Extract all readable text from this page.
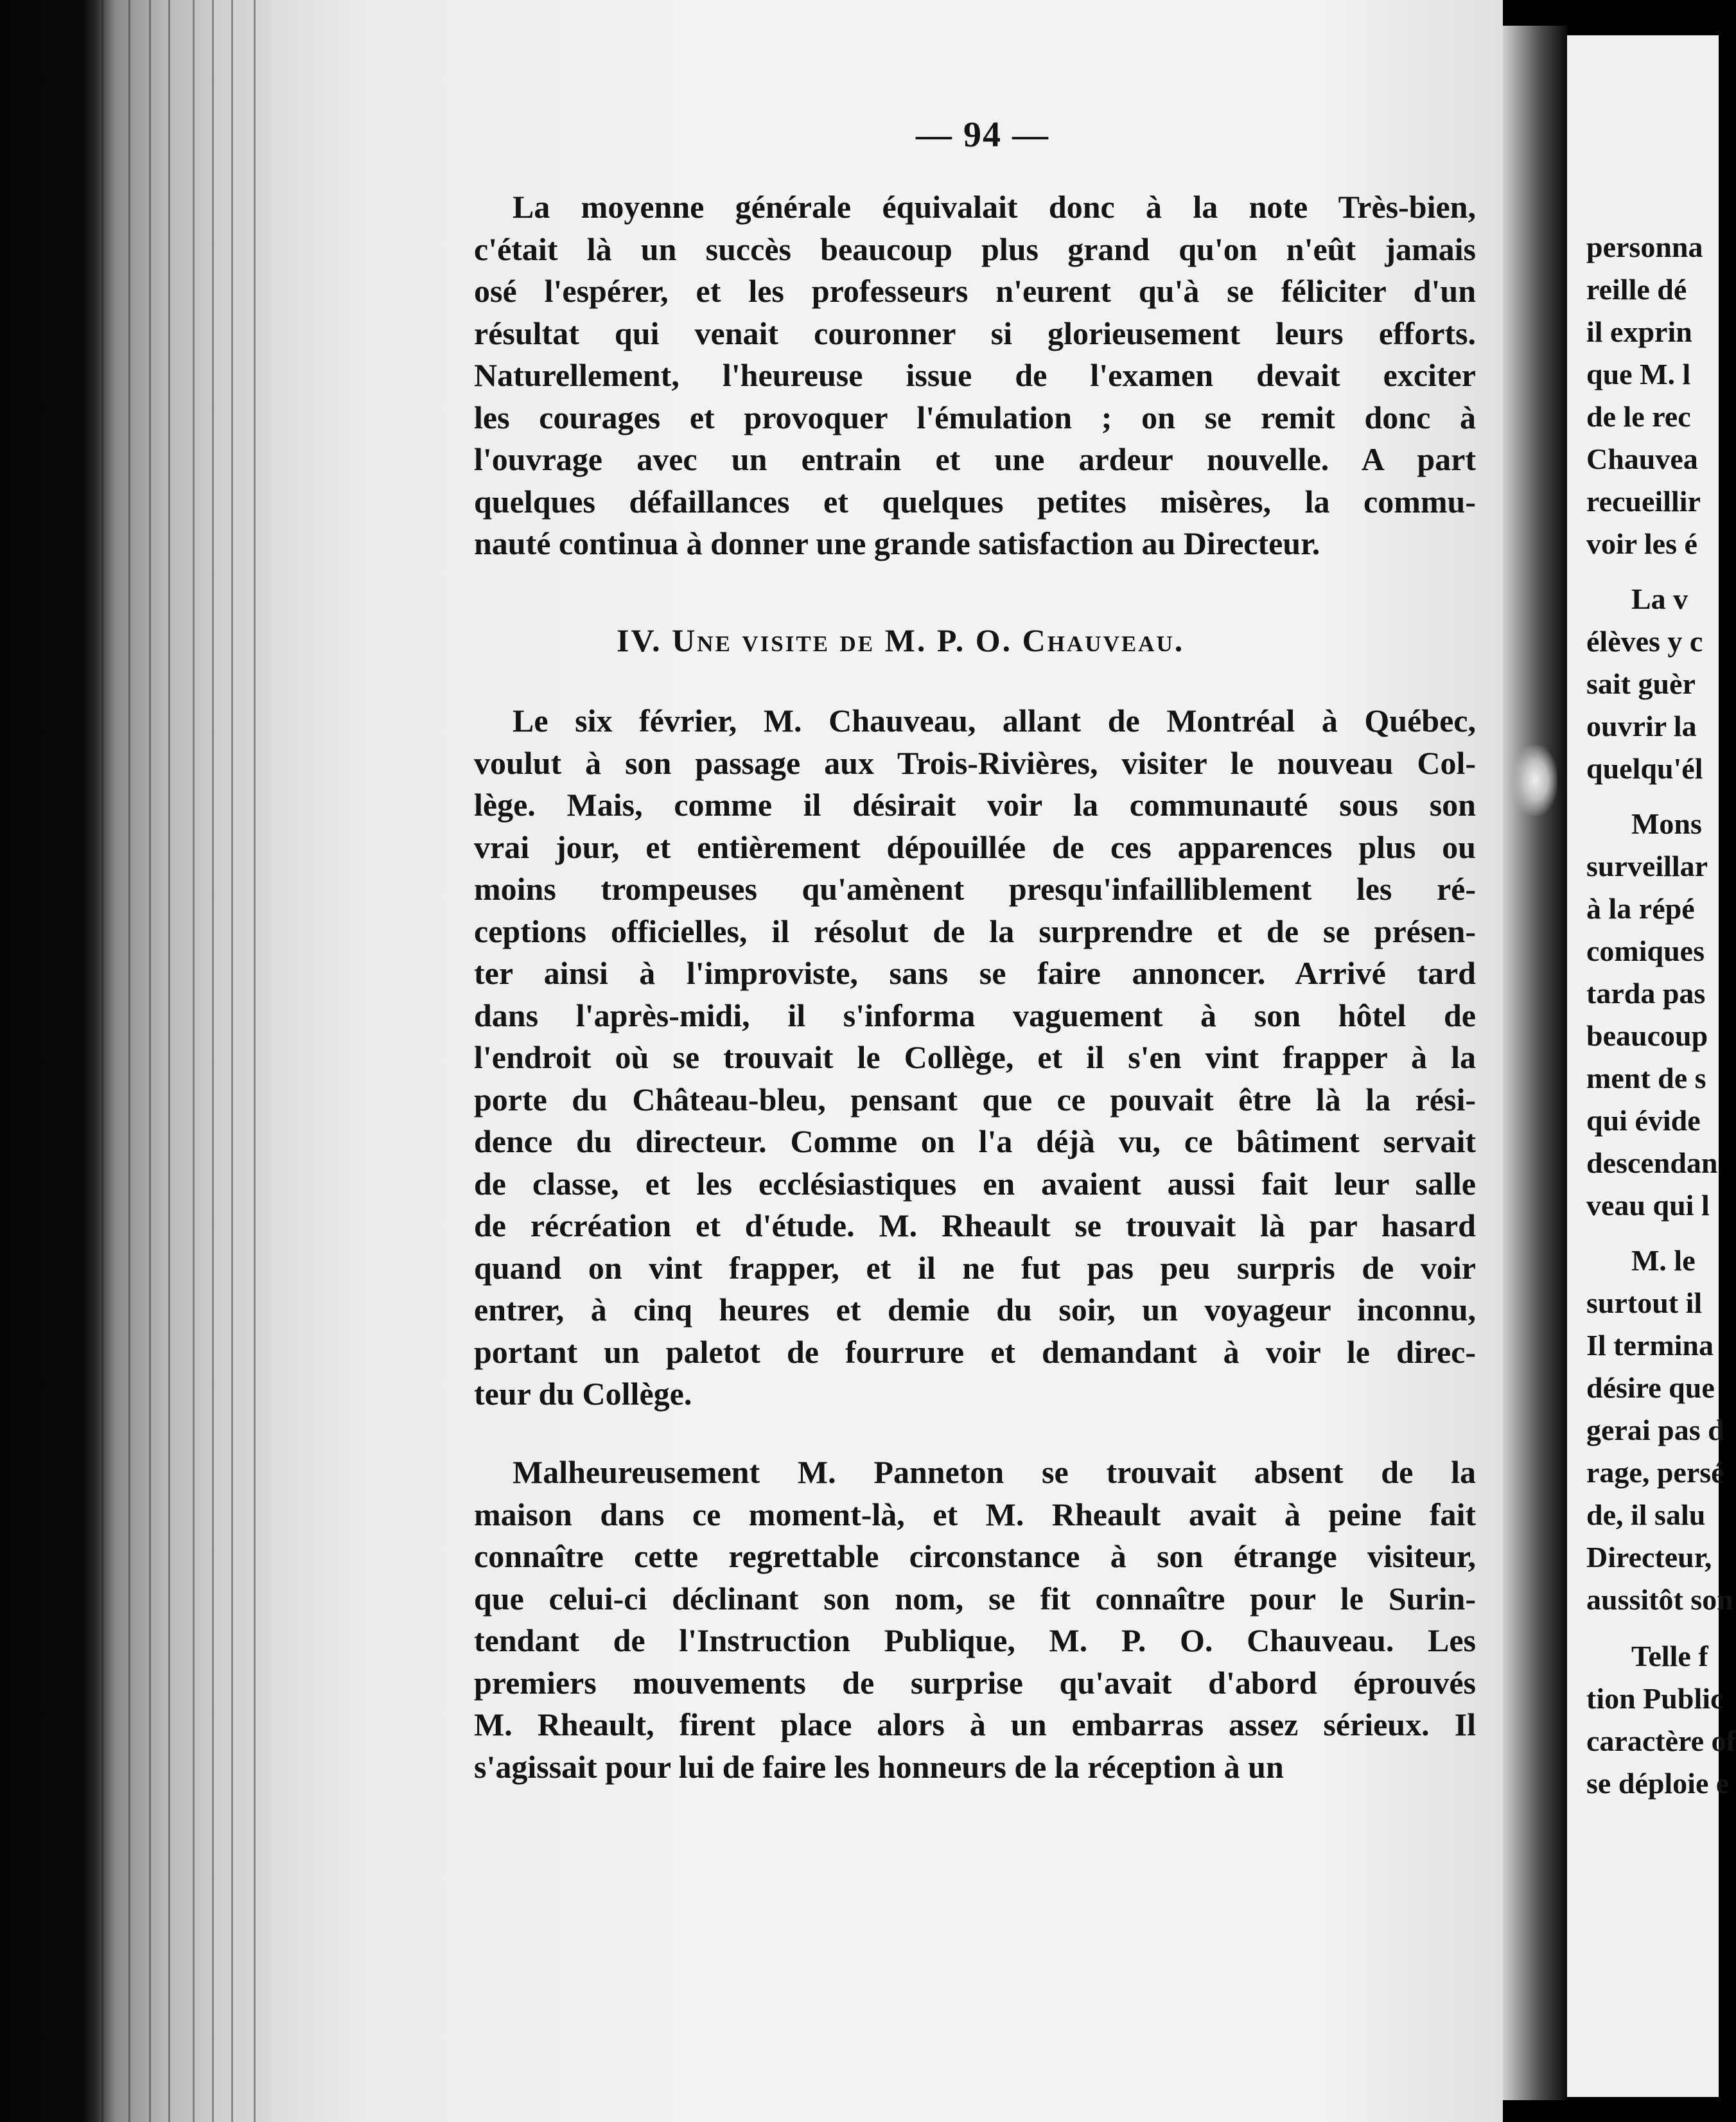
— 94 —
La moyenne générale équivalait donc à la note Très-bien,
c'était là un succès beaucoup plus grand qu'on n'eût jamais
osé l'espérer, et les professeurs n'eurent qu'à se féliciter d'un
résultat qui venait couronner si glorieusement leurs efforts.
Naturellement, l'heureuse issue de l'examen devait exciter
les courages et provoquer l'émulation ; on se remit donc à
l'ouvrage avec un entrain et une ardeur nouvelle. A part
quelques défaillances et quelques petites misères, la commu-
nauté continua à donner une grande satisfaction au Directeur.
IV. Une visite de M. P. O. Chauveau.
Le six février, M. Chauveau, allant de Montréal à Québec,
voulut à son passage aux Trois-Rivières, visiter le nouveau Col-
lège. Mais, comme il désirait voir la communauté sous son
vrai jour, et entièrement dépouillée de ces apparences plus ou
moins trompeuses qu'amènent presqu'infailliblement les ré-
ceptions officielles, il résolut de la surprendre et de se présen-
ter ainsi à l'improviste, sans se faire annoncer. Arrivé tard
dans l'après-midi, il s'informa vaguement à son hôtel de
l'endroit où se trouvait le Collège, et il s'en vint frapper à la
porte du Château-bleu, pensant que ce pouvait être là la rési-
dence du directeur. Comme on l'a déjà vu, ce bâtiment servait
de classe, et les ecclésiastiques en avaient aussi fait leur salle
de récréation et d'étude. M. Rheault se trouvait là par hasard
quand on vint frapper, et il ne fut pas peu surpris de voir
entrer, à cinq heures et demie du soir, un voyageur inconnu,
portant un paletot de fourrure et demandant à voir le direc-
teur du Collège.
Malheureusement M. Panneton se trouvait absent de la
maison dans ce moment-là, et M. Rheault avait à peine fait
connaître cette regrettable circonstance à son étrange visiteur,
que celui-ci déclinant son nom, se fit connaître pour le Surin-
tendant de l'Instruction Publique, M. P. O. Chauveau. Les
premiers mouvements de surprise qu'avait d'abord éprouvés
M. Rheault, firent place alors à un embarras assez sérieux. Il
s'agissait pour lui de faire les honneurs de la réception à un
personna
reille dé
il exprin
que M. l
de le rec
Chauvea
recueillir
voir les é
La v
élèves y c
sait guèr
ouvrir la
quelqu'él
Mons
surveillar
à la répé
comiques
tarda pas
beaucoup
ment de s
qui évide
descendan
veau qui l
M. le
surtout il
Il termina
désire que
gerai pas d
rage, persé
de, il salu
Directeur,
aussitôt son
Telle f
tion Public
caractère of
se déploie e
